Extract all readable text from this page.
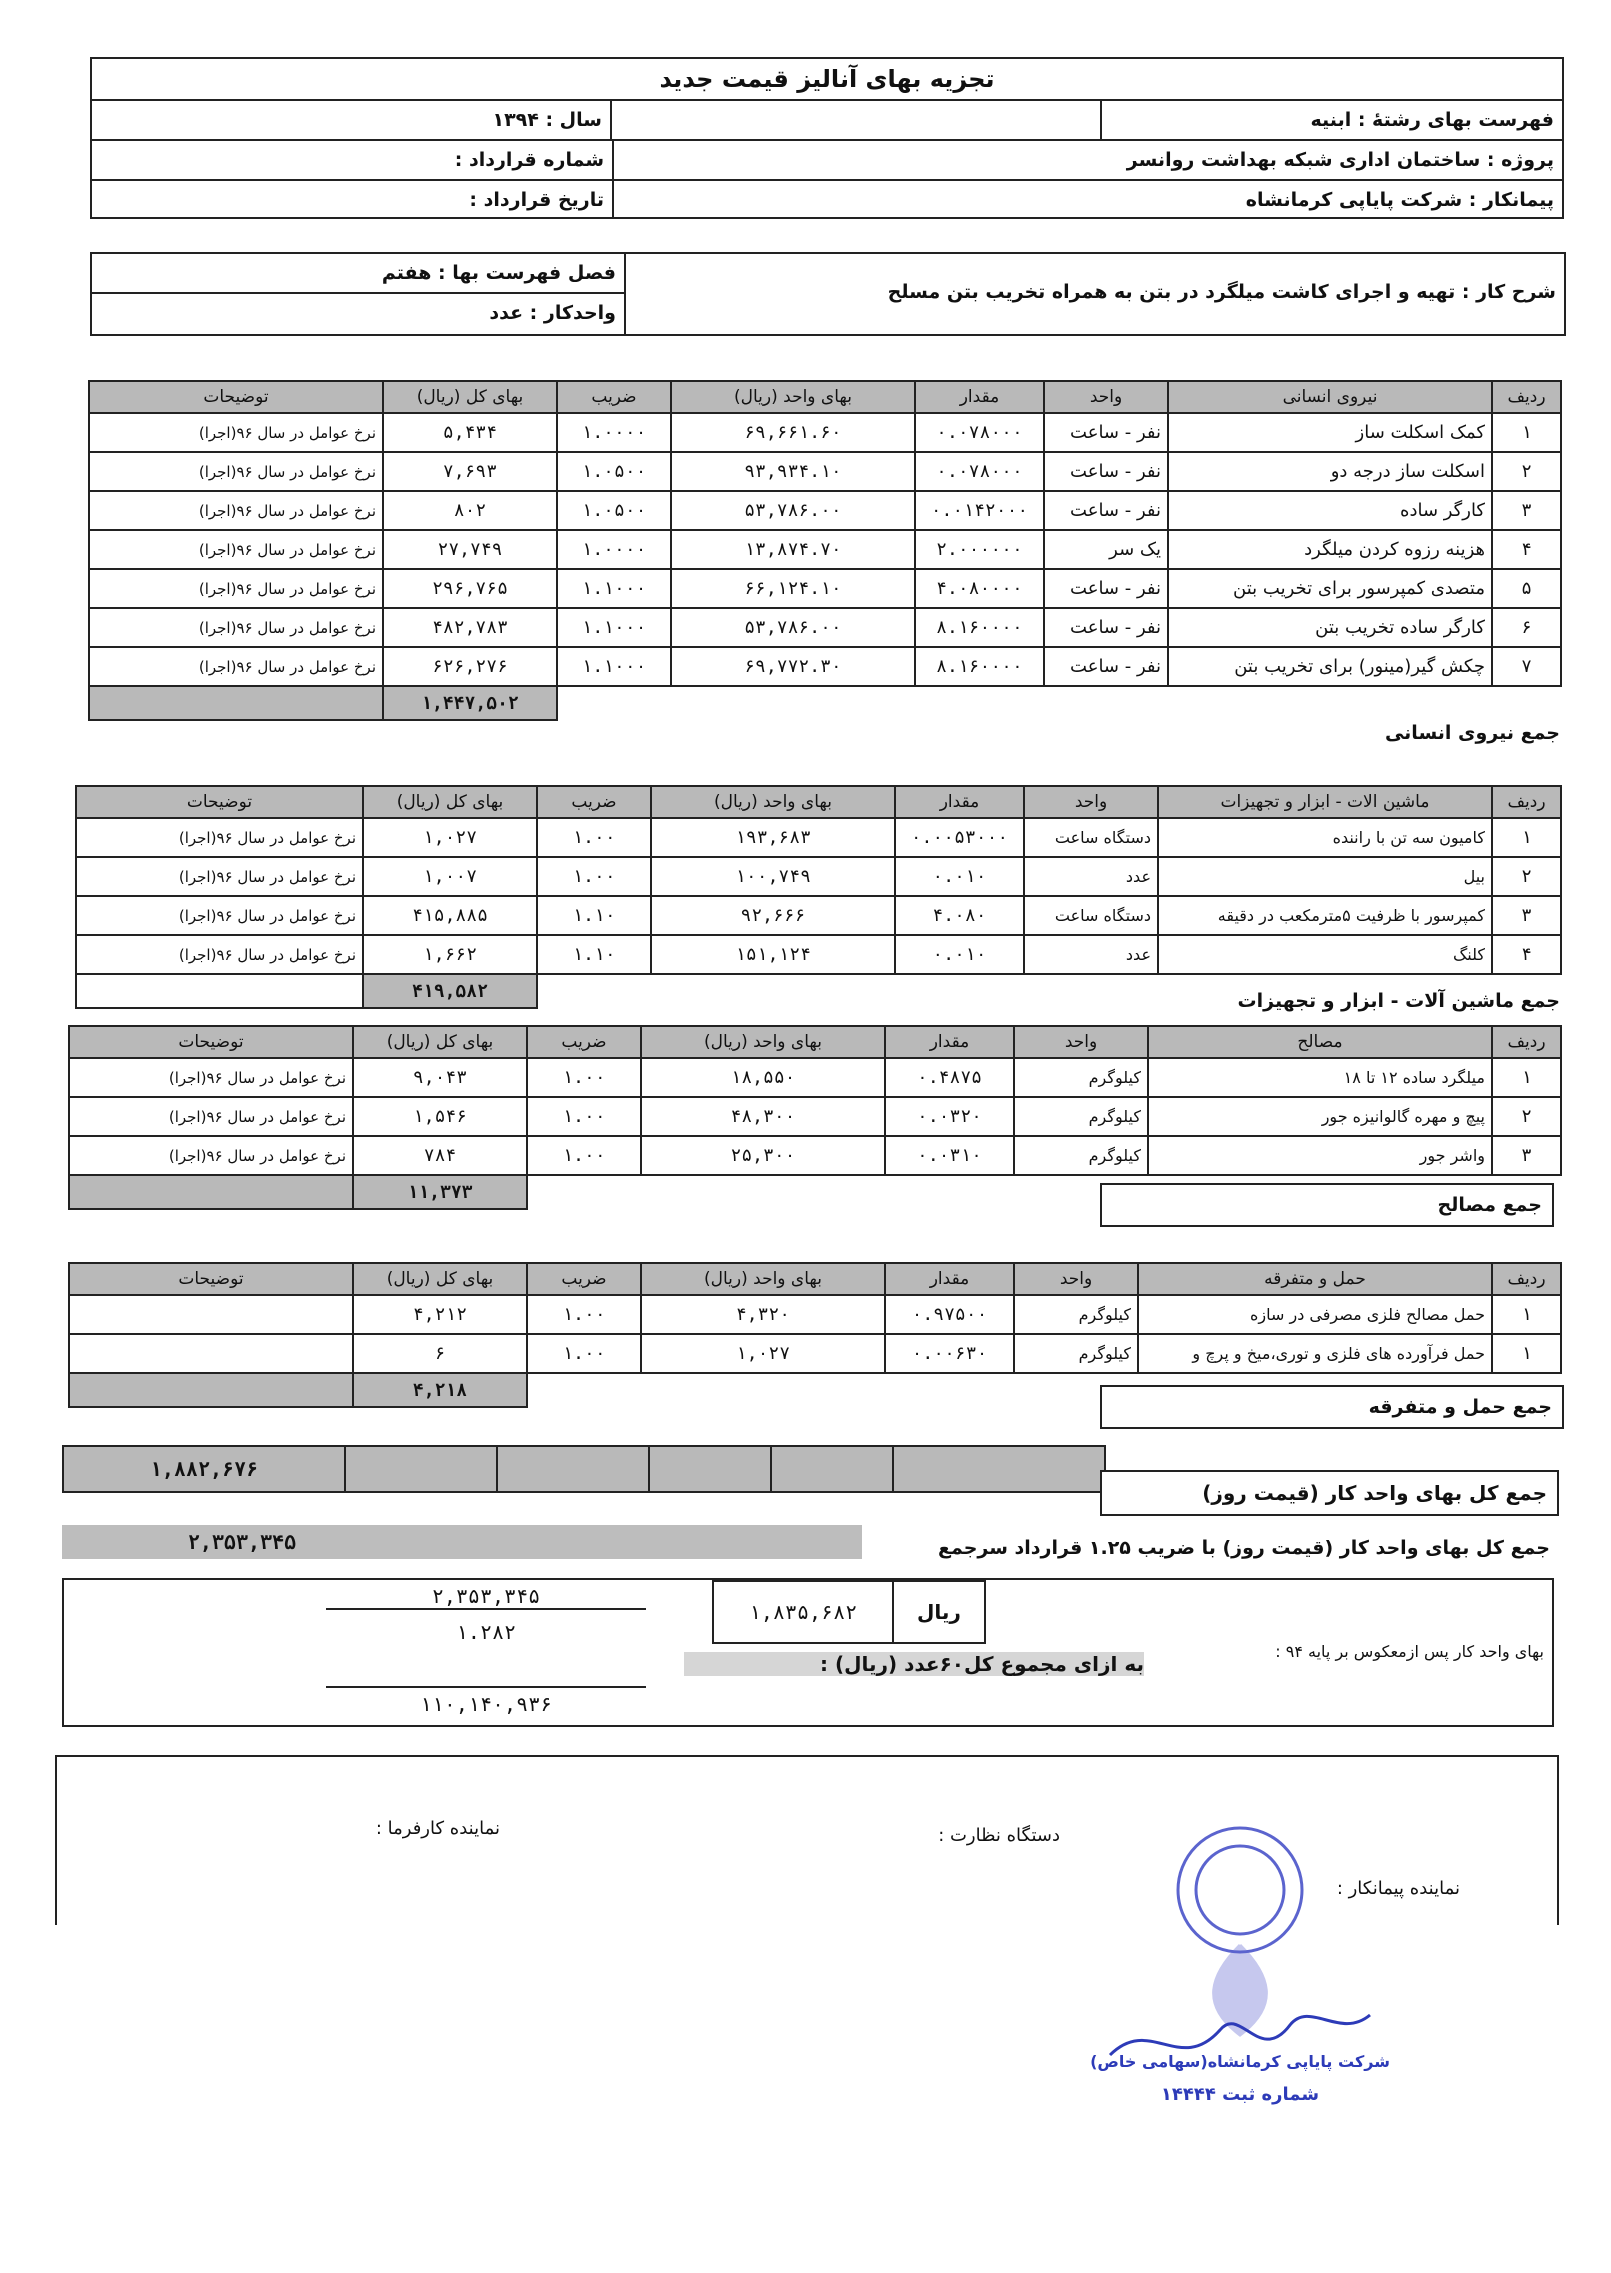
تجزیه بهای آنالیز قیمت جدید
فهرست بهای رشتهٔ : ابنیه
سال : ۱۳۹۴
پروژه : ساختمان اداری شبکه بهداشت روانسر
شماره قرارداد :
پیمانکار : شرکت پایاپی کرمانشاه
تاریخ قرارداد :
شرح کار : تهیه و اجرای کاشت میلگرد در بتن به همراه تخریب بتن مسلح
فصل فهرست بها : هفتم
واحدکار : عدد
ردیف	نیروی انسانی	واحد	مقدار	بهای واحد (ریال)	ضریب	بهای کل (ریال)	توضیحات
۱	کمک اسکلت ساز	نفر - ساعت	۰.۰۷۸۰۰۰	۶۹,۶۶۱.۶۰	۱.۰۰۰۰	۵,۴۳۴	نرخ عوامل در سال ۹۶(اجرا)
۲	اسکلت ساز درجه دو	نفر - ساعت	۰.۰۷۸۰۰۰	۹۳,۹۳۴.۱۰	۱.۰۵۰۰	۷,۶۹۳	نرخ عوامل در سال ۹۶(اجرا)
۳	کارگر ساده	نفر - ساعت	۰.۰۱۴۲۰۰۰	۵۳,۷۸۶.۰۰	۱.۰۵۰۰	۸۰۲	نرخ عوامل در سال ۹۶(اجرا)
۴	هزینه رزوه کردن میلگرد	یک سر	۲.۰۰۰۰۰۰	۱۳,۸۷۴.۷۰	۱.۰۰۰۰	۲۷,۷۴۹	نرخ عوامل در سال ۹۶(اجرا)
۵	متصدی کمپرسور برای تخریب بتن	نفر - ساعت	۴.۰۸۰۰۰۰	۶۶,۱۲۴.۱۰	۱.۱۰۰۰	۲۹۶,۷۶۵	نرخ عوامل در سال ۹۶(اجرا)
۶	کارگر ساده تخریب بتن	نفر - ساعت	۸.۱۶۰۰۰۰	۵۳,۷۸۶.۰۰	۱.۱۰۰۰	۴۸۲,۷۸۳	نرخ عوامل در سال ۹۶(اجرا)
۷	چکش گیر(مینور) برای تخریب بتن	نفر - ساعت	۸.۱۶۰۰۰۰	۶۹,۷۷۲.۳۰	۱.۱۰۰۰	۶۲۶,۲۷۶	نرخ عوامل در سال ۹۶(اجرا)
						۱,۴۴۷,۵۰۲	
جمع نیروی انسانی
ردیف	ماشین الات - ابزار و تجهیزات	واحد	مقدار	بهای واحد (ریال)	ضریب	بهای کل (ریال)	توضیحات
۱	کامیون سه تن با راننده	دستگاه ساعت	۰.۰۰۵۳۰۰۰	۱۹۳,۶۸۳	۱.۰۰	۱,۰۲۷	نرخ عوامل در سال ۹۶(اجرا)
۲	بیل	عدد	۰.۰۱۰	۱۰۰,۷۴۹	۱.۰۰	۱,۰۰۷	نرخ عوامل در سال ۹۶(اجرا)
۳	کمپرسور با ظرفیت ۵مترمکعب در دقیقه	دستگاه ساعت	۴.۰۸۰	۹۲,۶۶۶	۱.۱۰	۴۱۵,۸۸۵	نرخ عوامل در سال ۹۶(اجرا)
۴	کلنگ	عدد	۰.۰۱۰	۱۵۱,۱۲۴	۱.۱۰	۱,۶۶۲	نرخ عوامل در سال ۹۶(اجرا)
						۴۱۹,۵۸۲		جمع ماشین آلات - ابزار و تجهیزات
ردیف	مصالح	واحد	مقدار	بهای واحد (ریال)	ضریب	بهای کل (ریال)	توضیحات
۱	میلگرد ساده ۱۲ تا ۱۸	کیلوگرم	۰.۴۸۷۵	۱۸,۵۵۰	۱.۰۰	۹,۰۴۳	نرخ عوامل در سال ۹۶(اجرا)
۲	پیچ و مهره گالوانیزه جور	کیلوگرم	۰.۰۳۲۰	۴۸,۳۰۰	۱.۰۰	۱,۵۴۶	نرخ عوامل در سال ۹۶(اجرا)
۳	واشر جور	کیلوگرم	۰.۰۳۱۰	۲۵,۳۰۰	۱.۰۰	۷۸۴	نرخ عوامل در سال ۹۶(اجرا)
						۱۱,۳۷۳	
جمع مصالح
ردیف	حمل و متفرقه	واحد	مقدار	بهای واحد (ریال)	ضریب	بهای کل (ریال)	توضیحات
۱	حمل مصالح فلزی مصرفی در سازه	کیلوگرم	۰.۹۷۵۰۰	۴,۳۲۰	۱.۰۰	۴,۲۱۲	
۱	حمل فرآورده های فلزی و توری،میخ و پرچ و	کیلوگرم	۰.۰۰۶۳۰	۱,۰۲۷	۱.۰۰	۶	
						۴,۲۱۸	
جمع حمل و متفرقه
۱,۸۸۲,۶۷۶
جمع کل بهای واحد کار (قیمت روز)
۲,۳۵۳,۳۴۵	جمع کل بهای واحد کار (قیمت روز) با ضریب ۱.۲۵ قرارداد سرجمع
۲,۳۵۳,۳۴۵
۱.۲۸۲
۱۱۰,۱۴۰,۹۳۶
۱,۸۳۵,۶۸۲	ریال
به ازای مجموع کل۶۰عدد (ریال) :
بهای واحد کار پس ازمعکوس بر پایه ۹۴ :
نماینده کارفرما :	دستگاه نظارت :
نماینده پیمانکار :
شرکت پایاپی کرمانشاه(سهامی خاص)
شماره ثبت ۱۴۴۴۴
